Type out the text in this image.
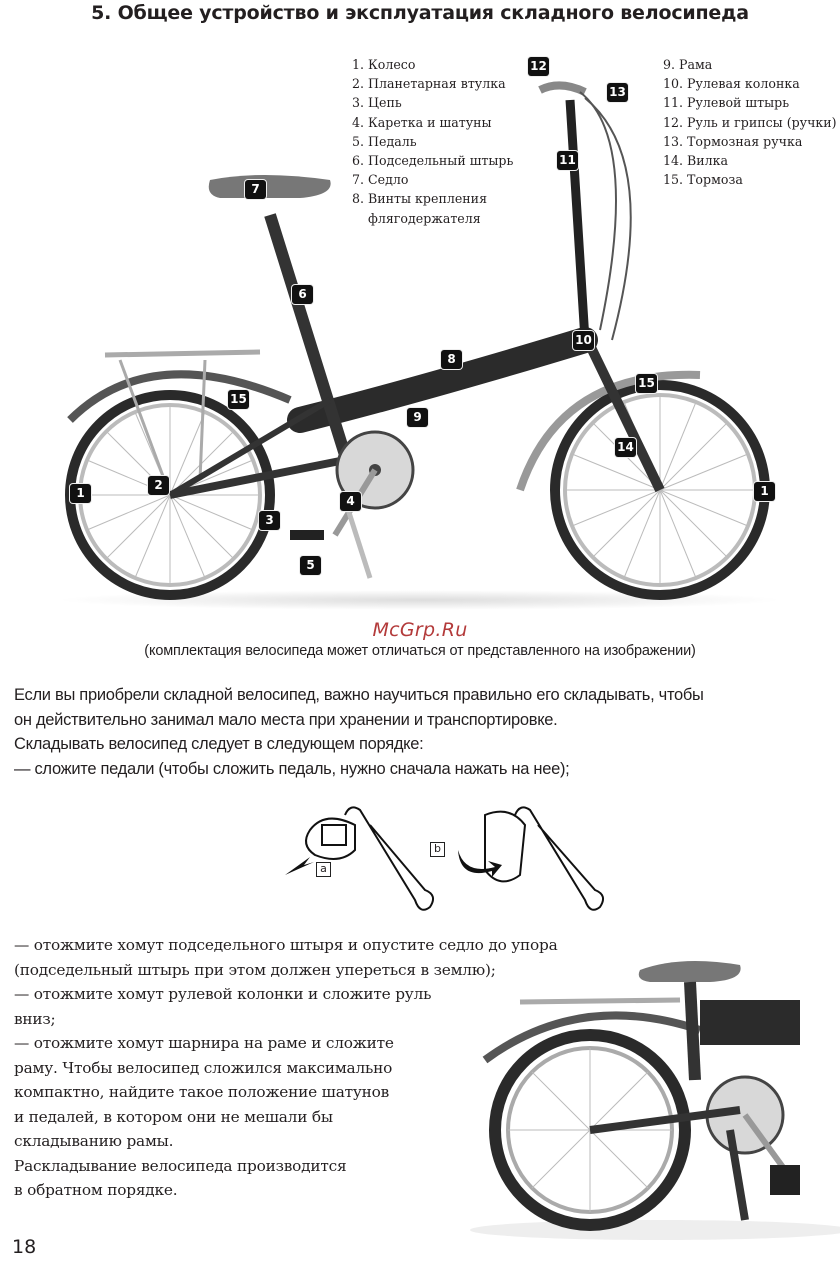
5. Общее устройство и эксплуатация складного велосипеда
1. Колесо
2. Планетарная втулка
3. Цепь
4. Каретка и шатуны
5. Педаль
6. Подседельный штырь
7. Седло
8. Винты крепления
флягодержателя
9. Рама
10. Рулевая колонка
11. Рулевой штырь
12. Руль и грипсы (ручки)
13. Тормозная ручка
14. Вилка
15. Тормоза
12
13
11
7
6
10
8
15
15
9
14
2
1	1
4
3
5
McGrp.Ru
(комплектация велосипеда может отличаться от представленного на изображении)
Если вы приобрели складной велосипед, важно научиться правильно его складывать, чтобы
он действительно занимал мало места при хранении и транспортировке.
Складывать велосипед следует в следующем порядке:
— сложите педали (чтобы сложить педаль, нужно сначала нажать на нее);
a
b
— отожмите хомут подседельного штыря и опустите седло до упора
(подседельный штырь при этом должен упереться в землю);
— отожмите хомут рулевой колонки и сложите руль
вниз;
— отожмите хомут шарнира на раме и сложите
раму. Чтобы велосипед сложился максимально
компактно, найдите такое положение шатунов
и педалей, в котором они не мешали бы
складыванию рамы.
Раскладывание велосипеда производится
в обратном порядке.
18
